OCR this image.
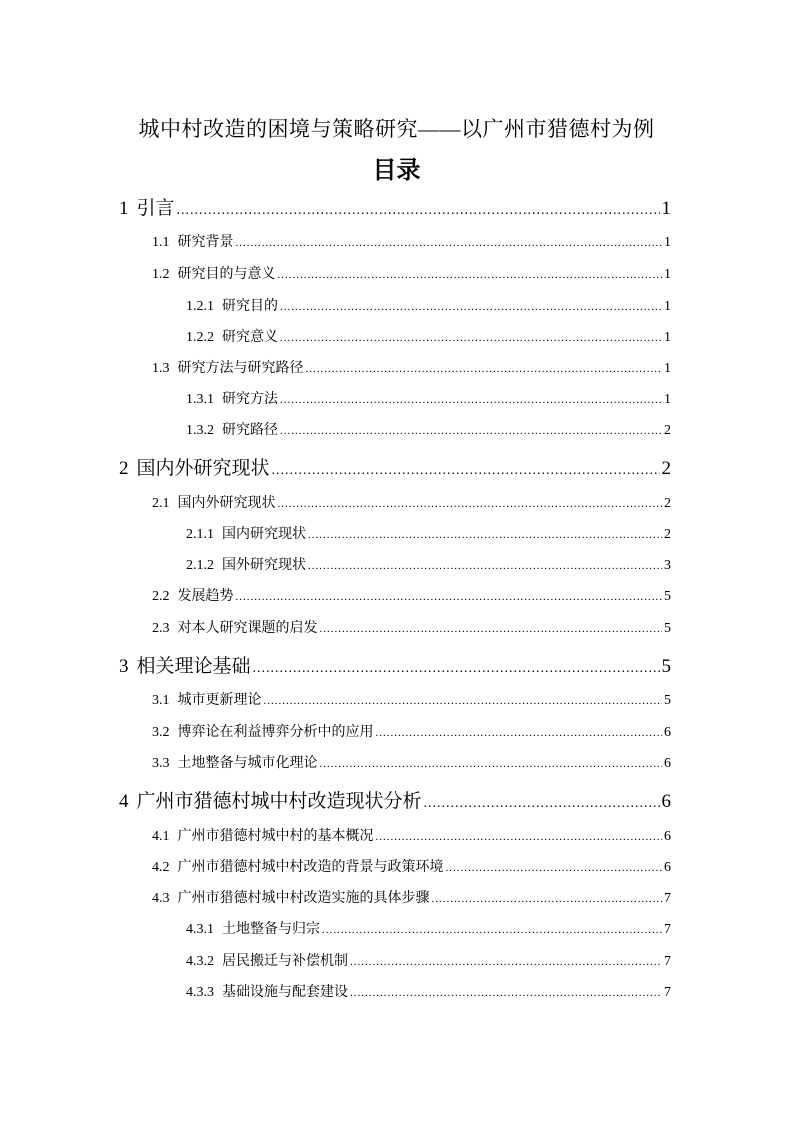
城中村改造的困境与策略研究——以广州市猎德村为例
目录
1 引言 .....	1
1.1 研究背景 .....	1
1.2 研究目的与意义 .....	1
1.2.1 研究目的 .....	1
1.2.2 研究意义 .....	1
1.3 研究方法与研究路径 .....	1
1.3.1 研究方法 .....	1
1.3.2 研究路径 .....	2
2 国内外研究现状 .....	2
2.1 国内外研究现状 .....	2
2.1.1 国内研究现状 .....	2
2.1.2 国外研究现状 .....	3
2.2 发展趋势 .....	5
2.3 对本人研究课题的启发 .....	5
3 相关理论基础 .....	5
3.1 城市更新理论 .....	5
3.2 博弈论在利益博弈分析中的应用 .....	6
3.3 土地整备与城市化理论 .....	6
4 广州市猎德村城中村改造现状分析 .....	6
4.1 广州市猎德村城中村的基本概况 .....	6
4.2 广州市猎德村城中村改造的背景与政策环境 .....	6
4.3 广州市猎德村城中村改造实施的具体步骤 .....	7
4.3.1 土地整备与归宗 .....	7
4.3.2 居民搬迁与补偿机制 .....	7
4.3.3 基础设施与配套建设 .....	7
